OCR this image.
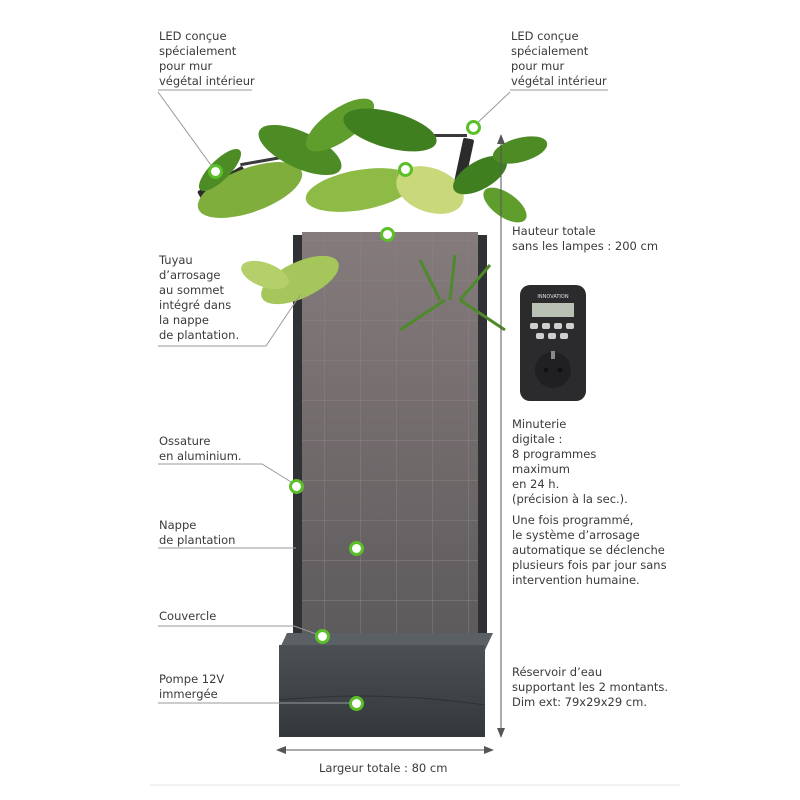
INNOVATION
LED conçue
spécialement
pour mur
végétal intérieur
LED conçue
spécialement
pour mur
végétal intérieur
Hauteur totale
sans les lampes : 200 cm
Tuyau
d’arrosage
au sommet
intégré dans
la nappe
de plantation.
Ossature
en aluminium.
Minuterie
digitale :
8 programmes
maximum
en 24 h.
(précision à la sec.).
Une fois programmé,
le système d’arrosage
automatique se déclenche
plusieurs fois par jour sans
intervention humaine.
Nappe
de plantation
Couvercle
Réservoir d’eau
supportant les 2 montants.
Dim ext: 79x29x29 cm.
Pompe 12V
immergée
Largeur totale : 80 cm
